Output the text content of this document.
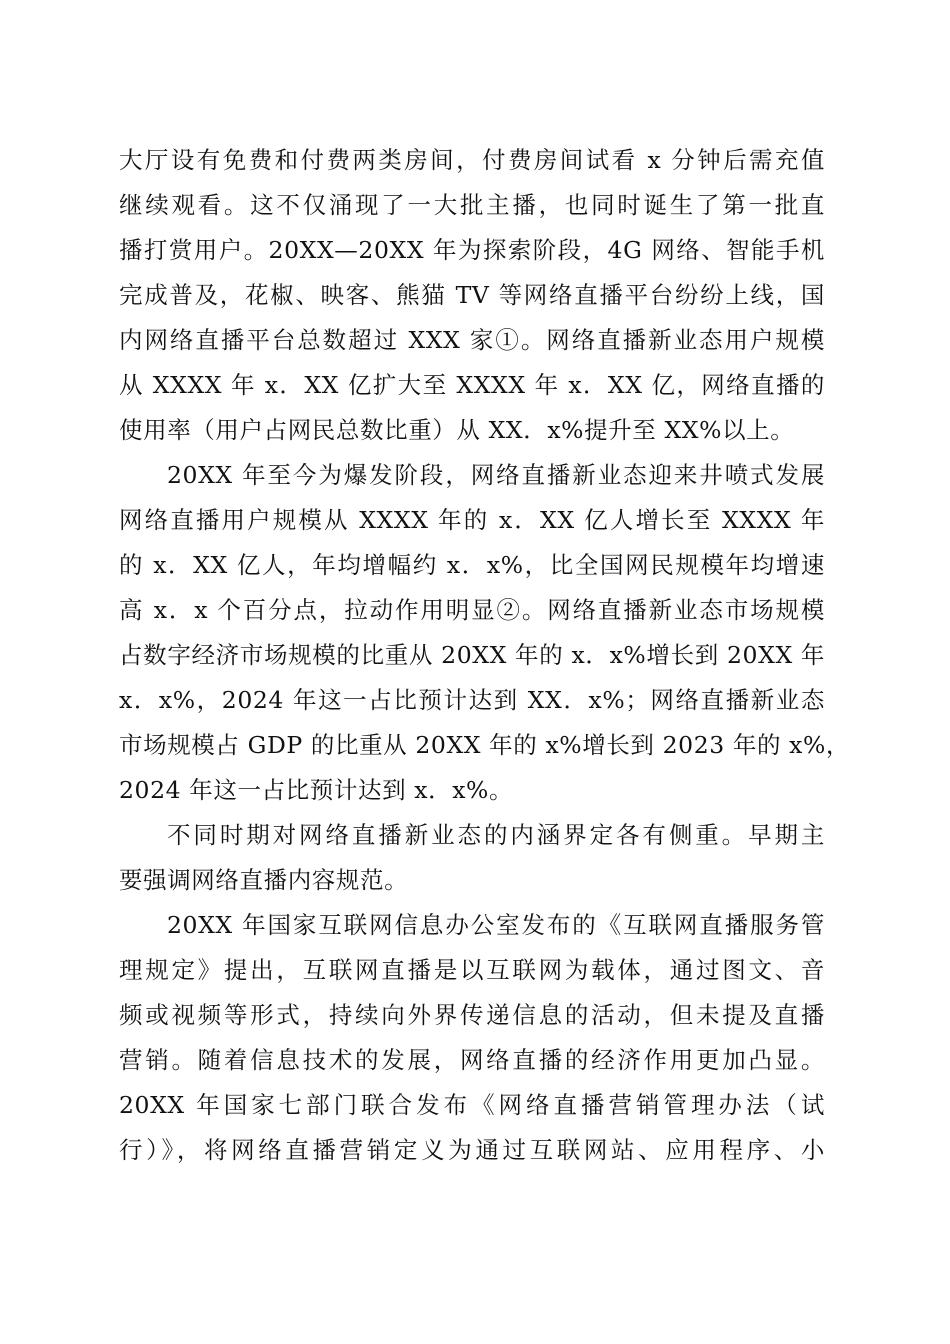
大厅设有免费和付费两类房间，付费房间试看 x 分钟后需充值
继续观看。这不仅涌现了一大批主播，也同时诞生了第一批直
播打赏用户。20XX—20XX 年为探索阶段，4G 网络、智能手机
完成普及，花椒、映客、熊猫 TV 等网络直播平台纷纷上线，国
内网络直播平台总数超过 XXX 家①。网络直播新业态用户规模
从 XXXX 年 x．XX 亿扩大至 XXXX 年 x．XX 亿，网络直播的
使用率（用户占网民总数比重）从 XX．x%提升至 XX%以上。
20XX 年至今为爆发阶段，网络直播新业态迎来井喷式发展
网络直播用户规模从 XXXX 年的 x．XX 亿人增长至 XXXX 年
的 x．XX 亿人，年均增幅约 x．x%，比全国网民规模年均增速
高 x．x 个百分点，拉动作用明显②。网络直播新业态市场规模
占数字经济市场规模的比重从 20XX 年的 x．x%增长到 20XX 年
x．x%，2024 年这一占比预计达到 XX．x%；网络直播新业态
市场规模占 GDP 的比重从 20XX 年的 x%增长到 2023 年的 x%，
2024 年这一占比预计达到 x．x%。
不同时期对网络直播新业态的内涵界定各有侧重。早期主
要强调网络直播内容规范。
20XX 年国家互联网信息办公室发布的《互联网直播服务管
理规定》提出，互联网直播是以互联网为载体，通过图文、音
频或视频等形式，持续向外界传递信息的活动，但未提及直播
营销。随着信息技术的发展，网络直播的经济作用更加凸显。
20XX 年国家七部门联合发布《网络直播营销管理办法（试
行）》，将网络直播营销定义为通过互联网站、应用程序、小
